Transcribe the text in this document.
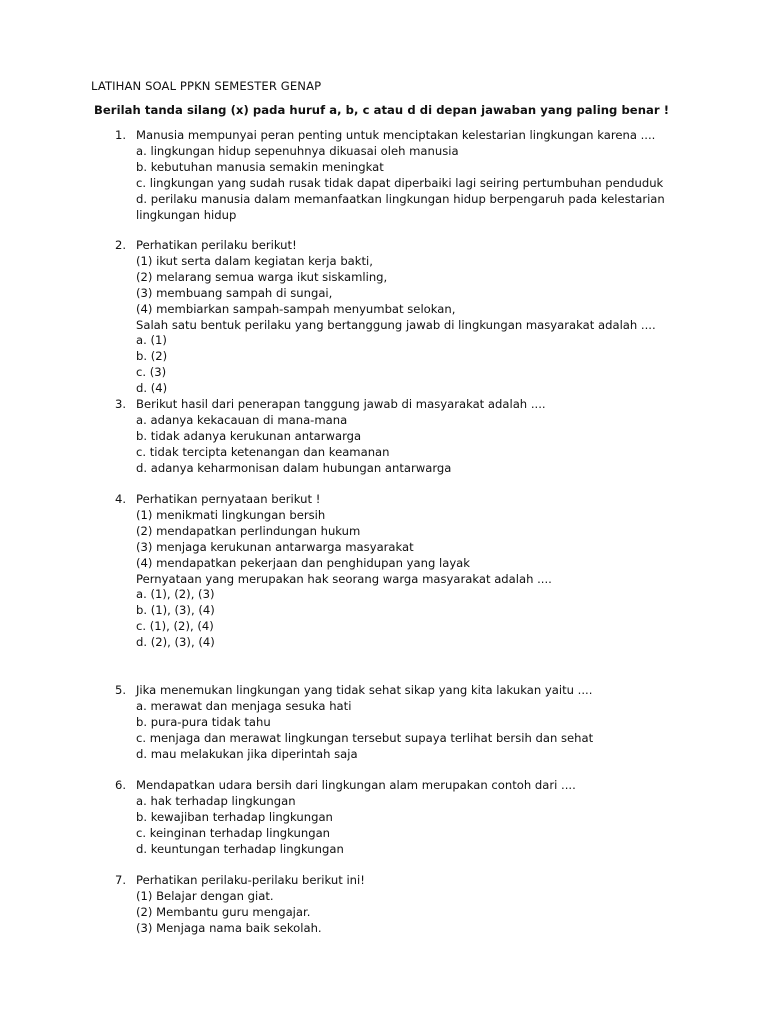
LATIHAN SOAL PPKN SEMESTER GENAP
Berilah tanda silang (x) pada huruf a, b, c atau d di depan jawaban yang paling benar !
1. Manusia mempunyai peran penting untuk menciptakan kelestarian lingkungan karena ....
a. lingkungan hidup sepenuhnya dikuasai oleh manusia
b. kebutuhan manusia semakin meningkat
c. lingkungan yang sudah rusak tidak dapat diperbaiki lagi seiring pertumbuhan penduduk
d. perilaku manusia dalam memanfaatkan lingkungan hidup berpengaruh pada kelestarian
lingkungan hidup
2. Perhatikan perilaku berikut!
(1) ikut serta dalam kegiatan kerja bakti,
(2) melarang semua warga ikut siskamling,
(3) membuang sampah di sungai,
(4) membiarkan sampah-sampah menyumbat selokan,
Salah satu bentuk perilaku yang bertanggung jawab di lingkungan masyarakat adalah ....
a. (1)
b. (2)
c. (3)
d. (4)
3. Berikut hasil dari penerapan tanggung jawab di masyarakat adalah ....
a. adanya kekacauan di mana-mana
b. tidak adanya kerukunan antarwarga
c. tidak tercipta ketenangan dan keamanan
d. adanya keharmonisan dalam hubungan antarwarga
4. Perhatikan pernyataan berikut !
(1) menikmati lingkungan bersih
(2) mendapatkan perlindungan hukum
(3) menjaga kerukunan antarwarga masyarakat
(4) mendapatkan pekerjaan dan penghidupan yang layak
Pernyataan yang merupakan hak seorang warga masyarakat adalah ....
a. (1), (2), (3)
b. (1), (3), (4)
c. (1), (2), (4)
d. (2), (3), (4)
5. Jika menemukan lingkungan yang tidak sehat sikap yang kita lakukan yaitu ....
a. merawat dan menjaga sesuka hati
b. pura-pura tidak tahu
c. menjaga dan merawat lingkungan tersebut supaya terlihat bersih dan sehat
d. mau melakukan jika diperintah saja
6. Mendapatkan udara bersih dari lingkungan alam merupakan contoh dari ....
a. hak terhadap lingkungan
b. kewajiban terhadap lingkungan
c. keinginan terhadap lingkungan
d. keuntungan terhadap lingkungan
7. Perhatikan perilaku-perilaku berikut ini!
(1) Belajar dengan giat.
(2) Membantu guru mengajar.
(3) Menjaga nama baik sekolah.
